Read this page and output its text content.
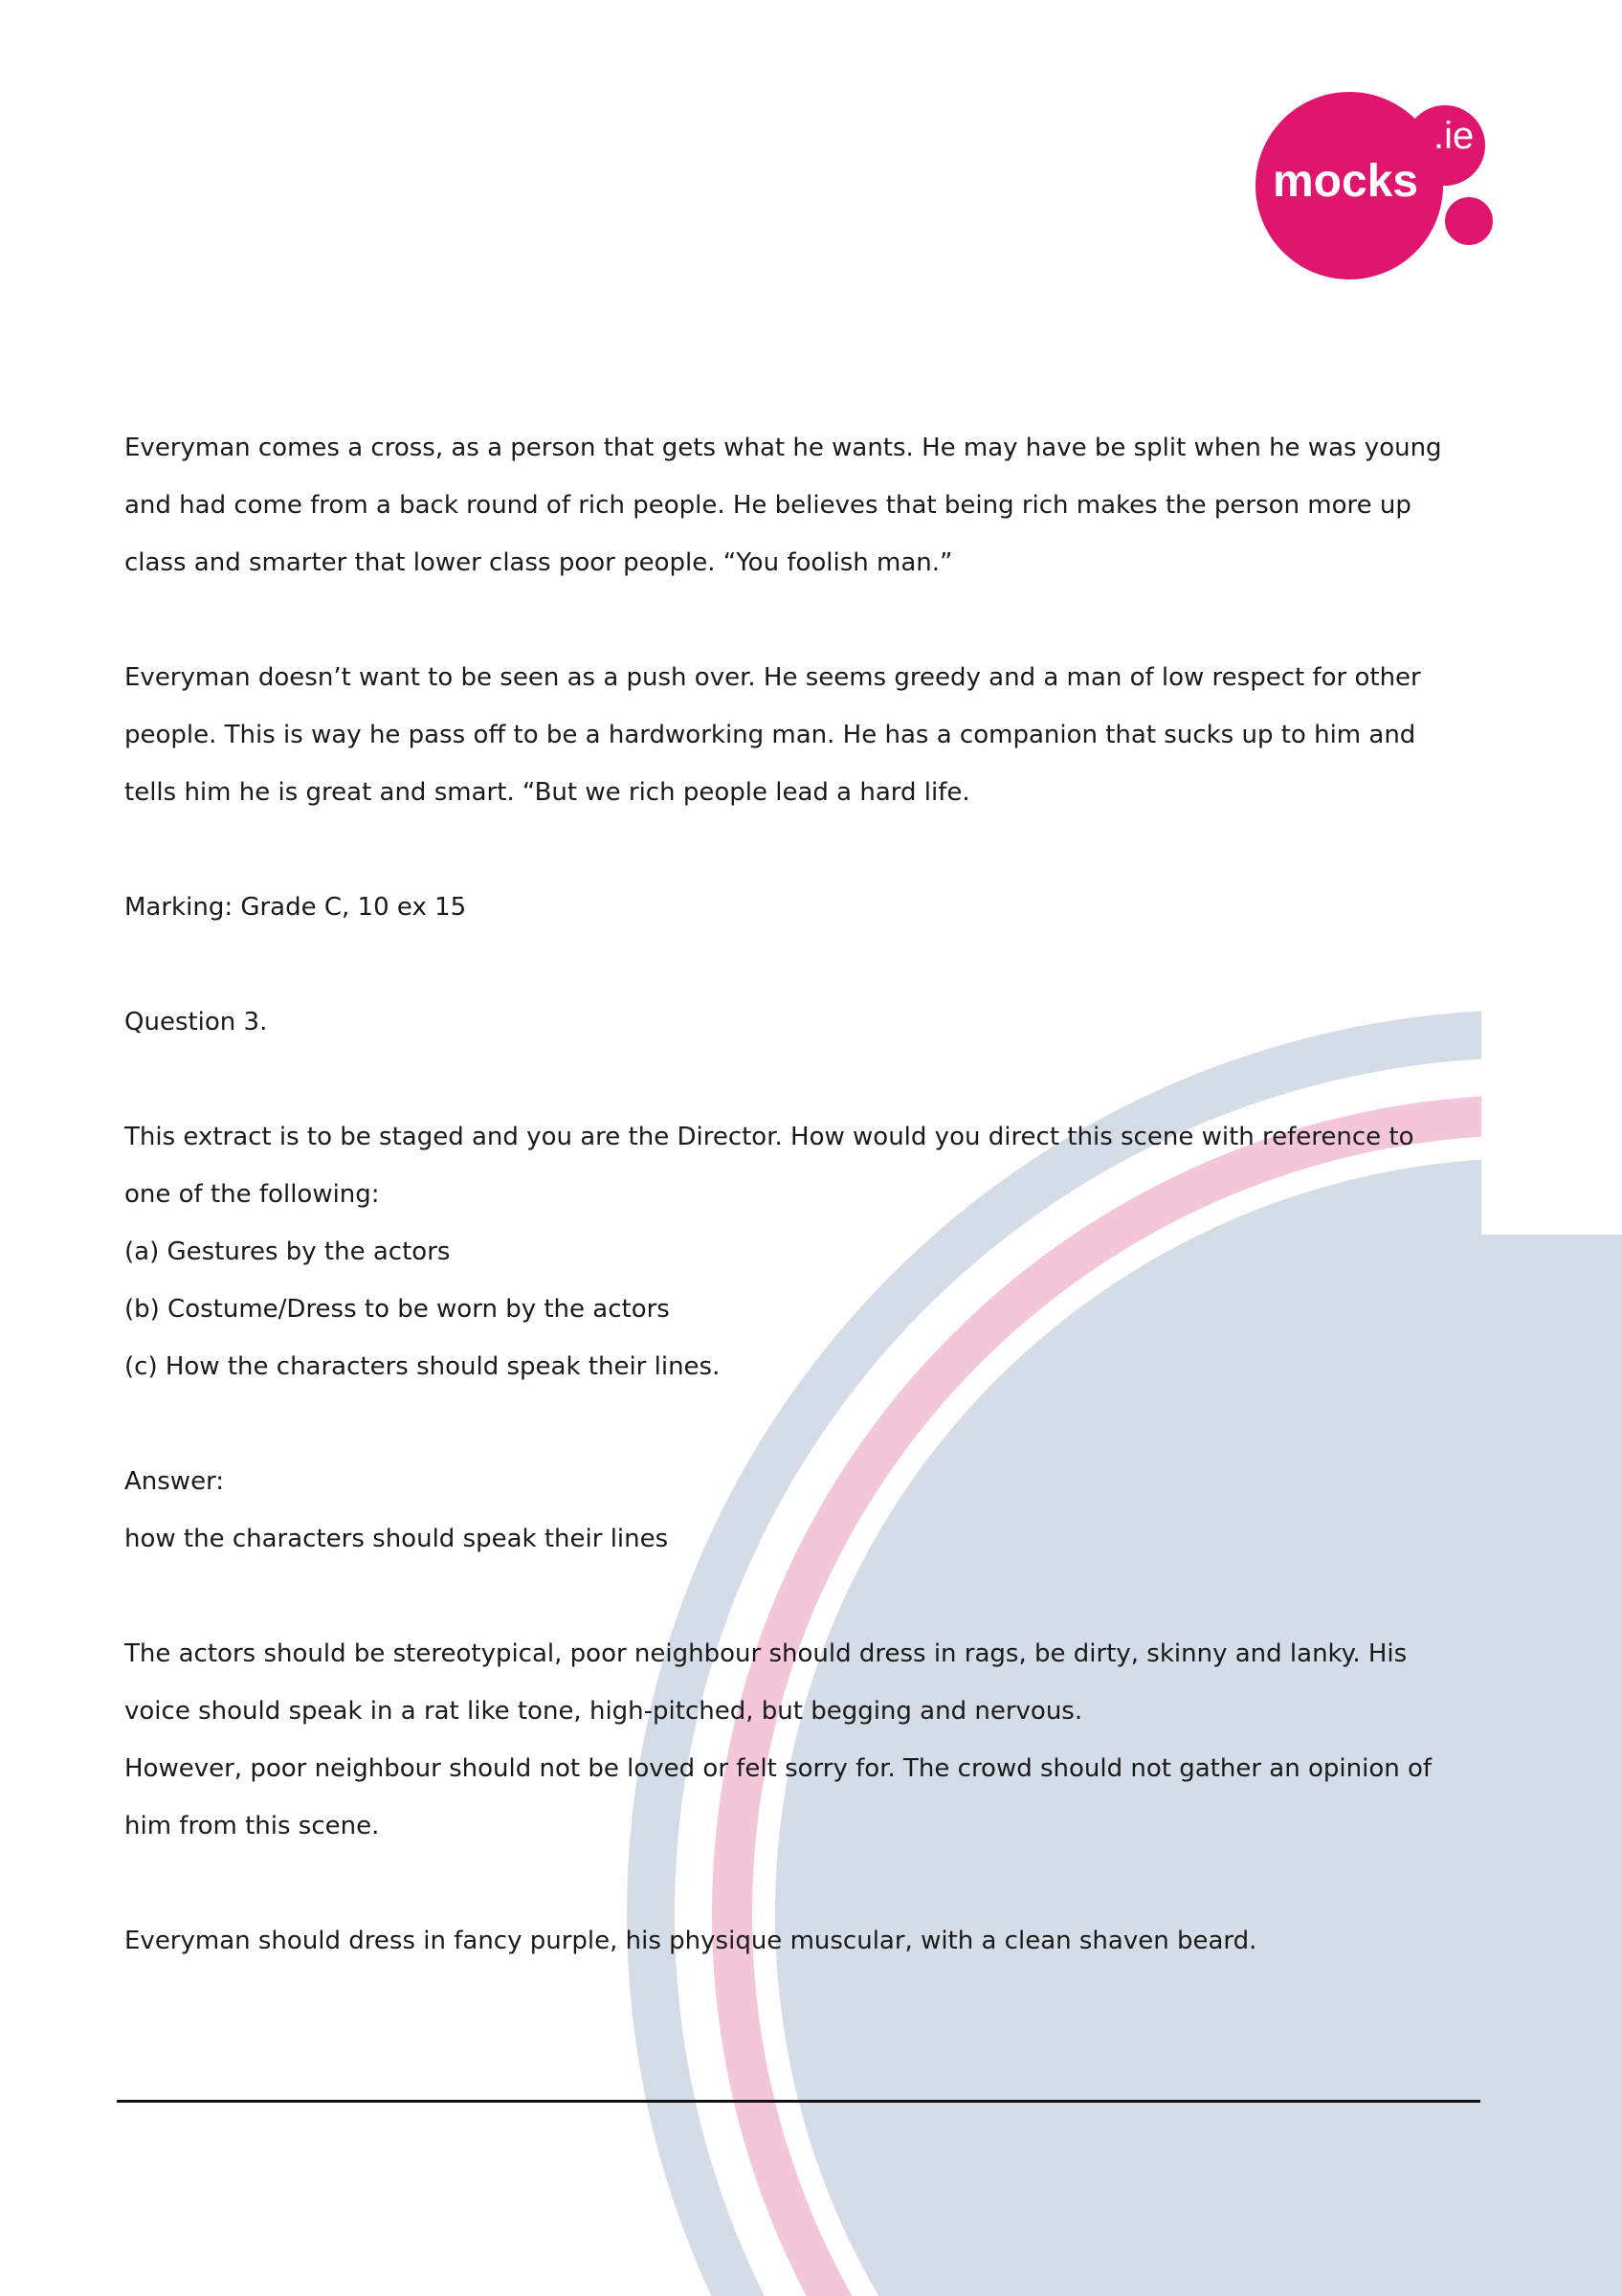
mocks
.ie

Everyman comes a cross, as a person that gets what he wants. He may have be split when he was young and had come from a back round of rich people. He believes that being rich makes the person more up class and smarter that lower class poor people. “You foolish man.”

Everyman doesn’t want to be seen as a push over. He seems greedy and a man of low respect for other people. This is way he pass off to be a hardworking man. He has a companion that sucks up to him and tells him he is great and smart. “But we rich people lead a hard life.

Marking: Grade C, 10 ex 15

Question 3.

This extract is to be staged and you are the Director. How would you direct this scene with reference to one of the following:

(a) Gestures by the actors

(b) Costume/Dress to be worn by the actors

(c) How the characters should speak their lines.

Answer:

how the characters should speak their lines

The actors should be stereotypical, poor neighbour should dress in rags, be dirty, skinny and lanky. His voice should speak in a rat like tone, high-pitched, but begging and nervous.

However, poor neighbour should not be loved or felt sorry for. The crowd should not gather an opinion of him from this scene.

Everyman should dress in fancy purple, his physique muscular, with a clean shaven beard.
